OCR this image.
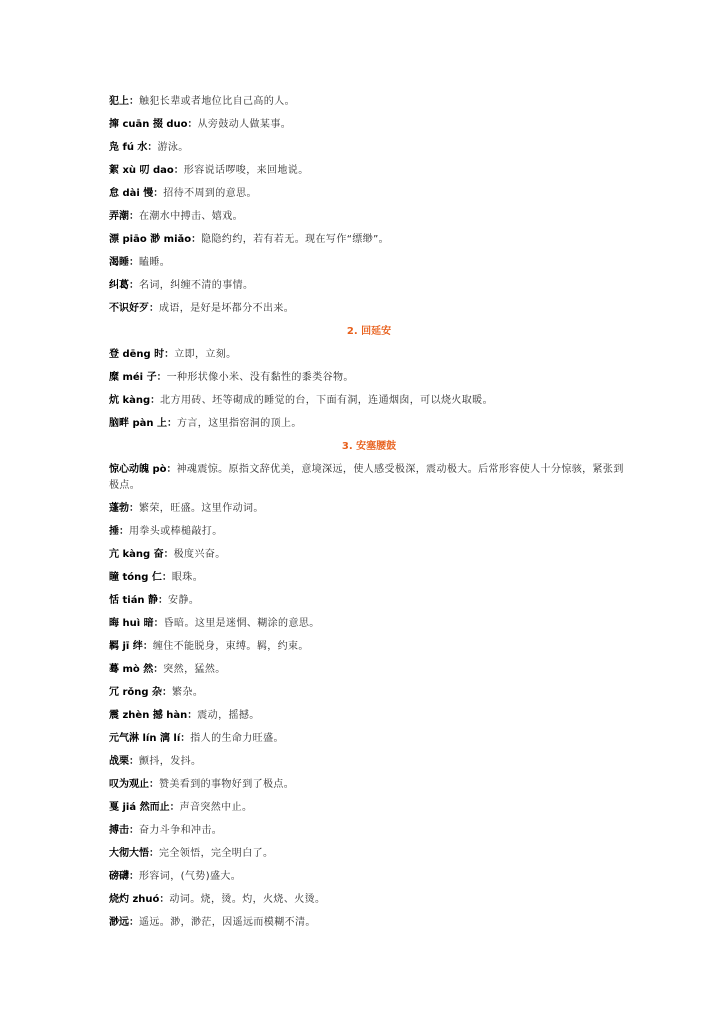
犯上：触犯长辈或者地位比自己高的人。
撺 cuān 掇 duo：从旁鼓动人做某事。
凫 fú 水：游泳。
絮 xù 叨 dao：形容说话啰唆，来回地说。
怠 dài 慢：招待不周到的意思。
弄潮：在潮水中搏击、嬉戏。
漂 piāo 渺 miǎo：隐隐约约，若有若无。现在写作“缥缈”。
渴睡：瞌睡。
纠葛：名词，纠缠不清的事情。
不识好歹：成语，是好是坏都分不出来。
2. 回延安
登 dēng 时：立即，立刻。
糜 méi 子：一种形状像小米、没有黏性的黍类谷物。
炕 kàng：北方用砖、坯等砌成的睡觉的台，下面有洞，连通烟囱，可以烧火取暖。
脑畔 pàn 上：方言，这里指窑洞的顶上。
3. 安塞腰鼓
惊心动魄 pò：神魂震惊。原指文辞优美，意境深远，使人感受极深，震动极大。后常形容使人十分惊骇，紧张到极点。
蓬勃：繁荣，旺盛。这里作动词。
捶：用拳头或棒槌敲打。
亢 kàng 奋：极度兴奋。
瞳 tóng 仁：眼珠。
恬 tián 静：安静。
晦 huì 暗：昏暗。这里是迷惘、糊涂的意思。
羁 jī 绊：缠住不能脱身，束缚。羁，约束。
蓦 mò 然：突然，猛然。
冗 rǒng 杂：繁杂。
震 zhèn 撼 hàn：震动，摇撼。
元气淋 lín 漓 lí：指人的生命力旺盛。
战栗：颤抖，发抖。
叹为观止：赞美看到的事物好到了极点。
戛 jiá 然而止：声音突然中止。
搏击：奋力斗争和冲击。
大彻大悟：完全领悟，完全明白了。
磅礴：形容词，(气势)盛大。
烧灼 zhuó：动词。烧，烫。灼，火烧、火烫。
渺远：遥远。渺，渺茫，因遥远而模糊不清。
